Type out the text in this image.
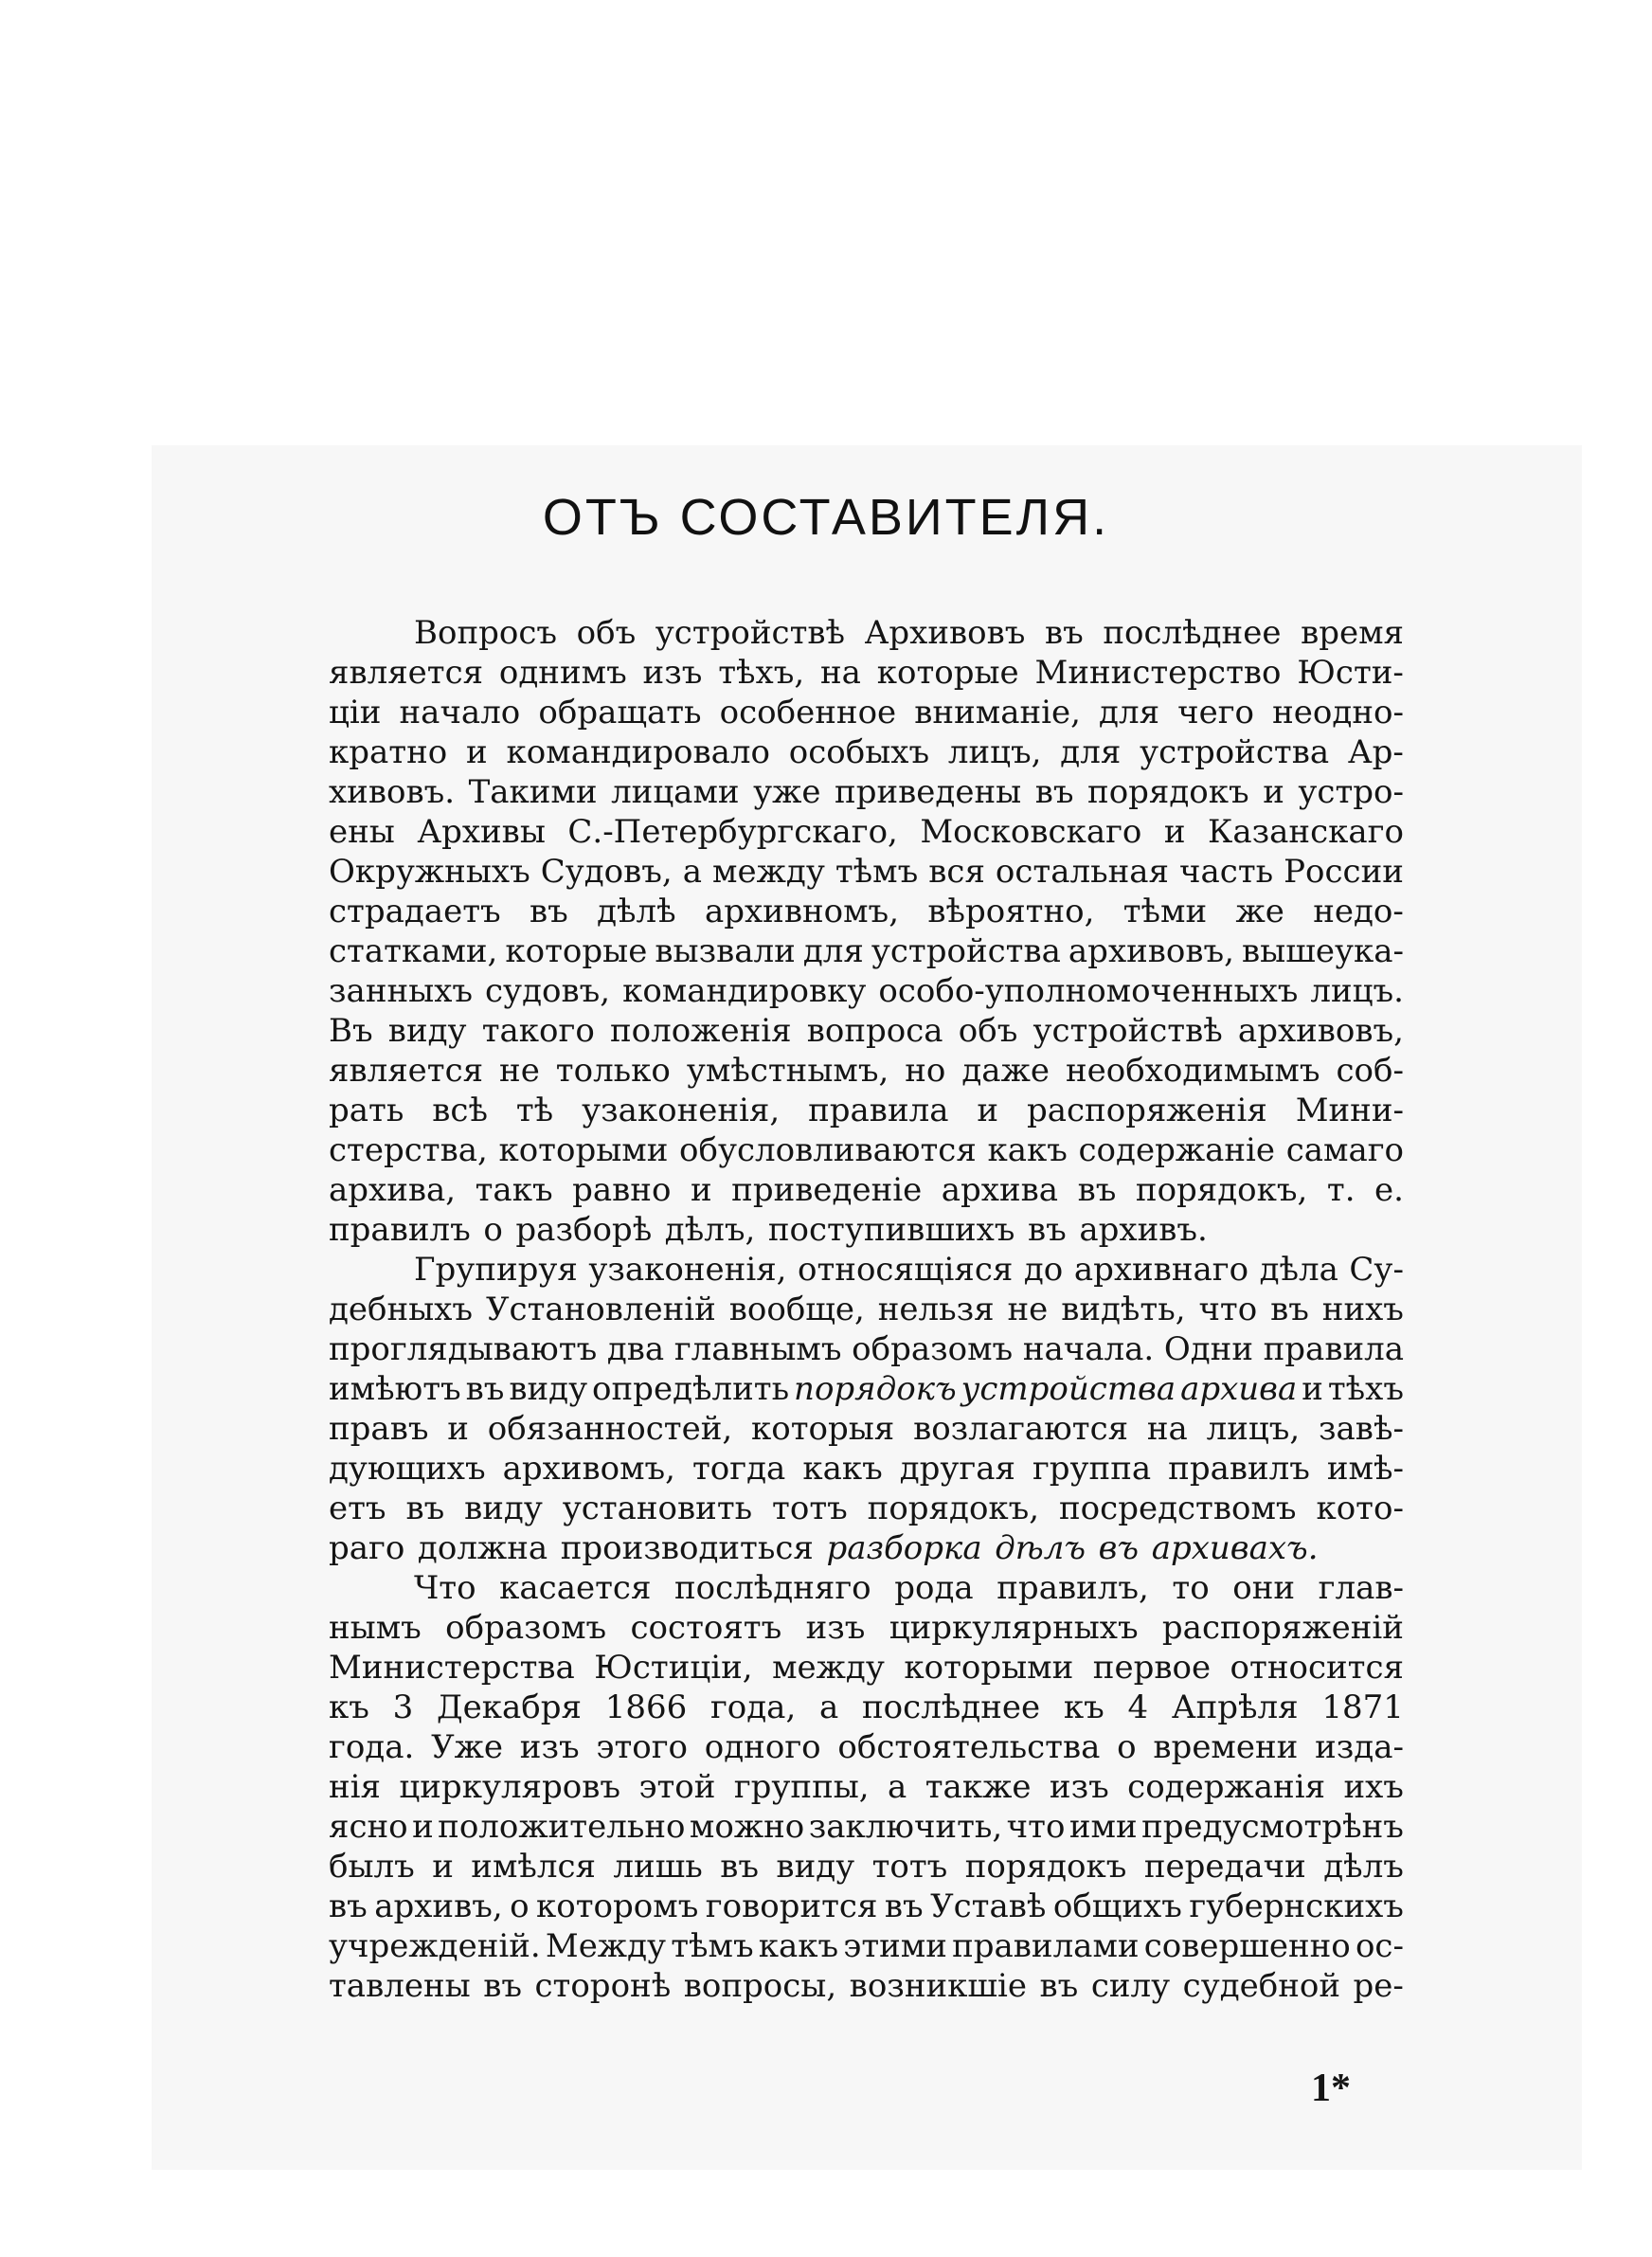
ОТЪ СОСТАВИТЕЛЯ.
Вопросъ объ устройствѣ Архивовъ въ послѣднее время
является однимъ изъ тѣхъ, на которые Министерство Юсти-
ціи начало обращать особенное вниманіе, для чего неодно-
кратно и командировало особыхъ лицъ, для устройства Ар-
хивовъ. Такими лицами уже приведены въ порядокъ и устро-
ены Архивы С.-Петербургскаго, Московскаго и Казанскаго
Окружныхъ Судовъ, а между тѣмъ вся остальная часть России
страдаетъ въ дѣлѣ архивномъ, вѣроятно, тѣми же недо-
статками, которые вызвали для устройства архивовъ, вышеука-
занныхъ судовъ, командировку особо-уполномоченныхъ лицъ.
Въ виду такого положенія вопроса объ устройствѣ архивовъ,
является не только умѣстнымъ, но даже необходимымъ соб-
рать всѣ тѣ узаконенія, правила и распоряженія Мини-
стерства, которыми обусловливаются какъ содержаніе самаго
архива, такъ равно и приведеніе архива въ порядокъ, т. е.
правилъ о разборѣ дѣлъ, поступившихъ въ архивъ.
Групируя узаконенія, относящіяся до архивнаго дѣла Су-
дебныхъ Установленій вообще, нельзя не видѣть, что въ нихъ
проглядываютъ два главнымъ образомъ начала. Одни правила
имѣютъ въ виду опредѣлить порядокъ устройства архива и тѣхъ
правъ и обязанностей, которыя возлагаются на лицъ, завѣ-
дующихъ архивомъ, тогда какъ другая группа правилъ имѣ-
етъ въ виду установить тотъ порядокъ, посредствомъ кото-
раго должна производиться разборка дѣлъ въ архивахъ.
Что касается послѣдняго рода правилъ, то они глав-
нымъ образомъ состоятъ изъ циркулярныхъ распоряженій
Министерства Юстиціи, между которыми первое относится
къ 3 Декабря 1866 года, а послѣднее къ 4 Апрѣля 1871
года. Уже изъ этого одного обстоятельства о времени изда-
нія циркуляровъ этой группы, а также изъ содержанія ихъ
ясно и положительно можно заключить, что ими предусмотрѣнъ
былъ и имѣлся лишь въ виду тотъ порядокъ передачи дѣлъ
въ архивъ, о которомъ говорится въ Уставѣ общихъ губернскихъ
учрежденій. Между тѣмъ какъ этими правилами совершенно ос-
тавлены въ сторонѣ вопросы, возникшіе въ силу судебной ре-
1*
